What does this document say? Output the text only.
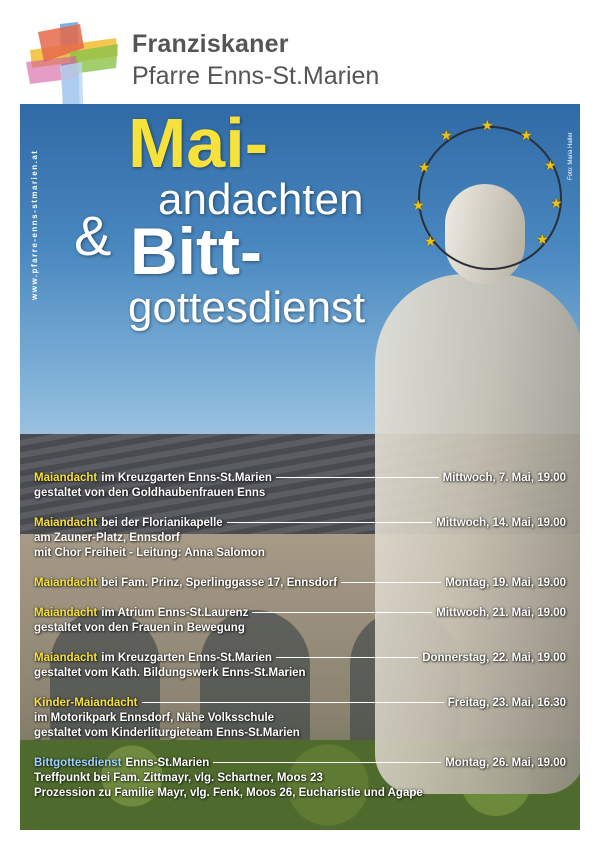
Franziskaner
Pfarre Enns-St.Marien
★
★
★
★
★
★
★
★
★
www.pfarre-enns-stmarien.at	Foto: Maria Haller
Mai-
andachten
& Bitt-
gottesdienst
Maiandacht im Kreuzgarten Enns-St.Marien	Mittwoch, 7. Mai, 19.00
gestaltet von den Goldhaubenfrauen Enns
Maiandacht bei der Florianikapelle	Mittwoch, 14. Mai, 19.00
am Zauner-Platz, Ennsdorf
mit Chor Freiheit - Leitung: Anna Salomon
Maiandacht bei Fam. Prinz, Sperlinggasse 17, Ennsdorf	Montag, 19. Mai, 19.00
Maiandacht im Atrium Enns-St.Laurenz	Mittwoch, 21. Mai, 19.00
gestaltet von den Frauen in Bewegung
Maiandacht im Kreuzgarten Enns-St.Marien	Donnerstag, 22. Mai, 19.00
gestaltet vom Kath. Bildungswerk Enns-St.Marien
Kinder-Maiandacht	Freitag, 23. Mai, 16.30
im Motorikpark Ennsdorf, Nähe Volksschule
gestaltet vom Kinderliturgieteam Enns-St.Marien
Bittgottesdienst Enns-St.Marien	Montag, 26. Mai, 19.00
Treffpunkt bei Fam. Zittmayr, vlg. Schartner, Moos 23
Prozession zu Familie Mayr, vlg. Fenk, Moos 26, Eucharistie und Agape
